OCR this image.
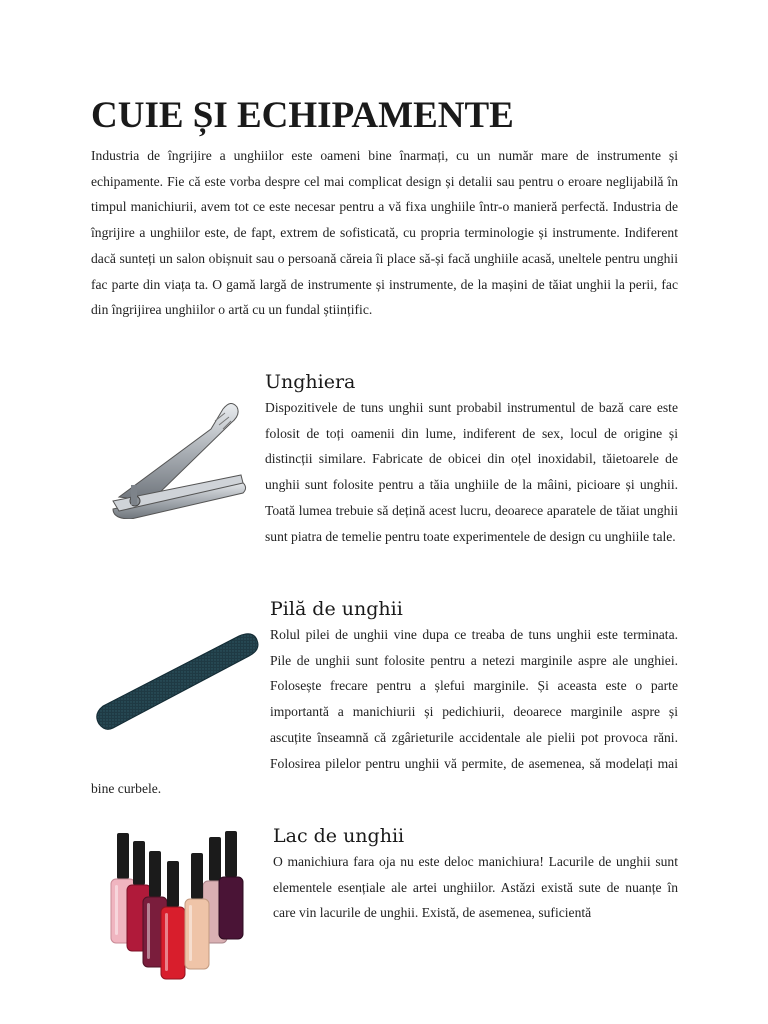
CUIE ȘI ECHIPAMENTE

Industria de îngrijire a unghiilor este oameni bine înarmați, cu un număr mare de instrumente și echipamente. Fie că este vorba despre cel mai complicat design și detalii sau pentru o eroare neglijabilă în timpul manichiurii, avem tot ce este necesar pentru a vă fixa unghiile într-o manieră perfectă. Industria de îngrijire a unghiilor este, de fapt, extrem de sofisticată, cu propria terminologie și instrumente. Indiferent dacă sunteți un salon obișnuit sau o persoană căreia îi place să-și facă unghiile acasă, uneltele pentru unghii fac parte din viața ta. O gamă largă de instrumente și instrumente, de la mașini de tăiat unghii la perii, fac din îngrijirea unghiilor o artă cu un fundal științific.

Unghiera

Dispozitivele de tuns unghii sunt probabil instrumentul de bază care este folosit de toți oamenii din lume, indiferent de sex, locul de origine și distincții similare. Fabricate de obicei din oțel inoxidabil, tăietoarele de unghii sunt folosite pentru a tăia unghiile de la mâini, picioare și unghii. Toată lumea trebuie să dețină acest lucru, deoarece aparatele de tăiat unghii sunt piatra de temelie pentru toate experimentele de design cu unghiile tale.

Pilă de unghii

Rolul pilei de unghii vine dupa ce treaba de tuns unghii este terminata. Pile de unghii sunt folosite pentru a netezi marginile aspre ale unghiei. Folosește frecare pentru a șlefui marginile. Și aceasta este o parte importantă a manichiurii și pedichiurii, deoarece marginile aspre și ascuțite înseamnă că zgârieturile accidentale ale pielii pot provoca răni. Folosirea pilelor pentru unghii vă permite, de asemenea, să modelați mai bine curbele.

Lac de unghii

O manichiura fara oja nu este deloc manichiura! Lacurile de unghii sunt elementele esențiale ale artei unghiilor. Astăzi există sute de nuanțe în care vin lacurile de unghii. Există, de asemenea, suficientă
